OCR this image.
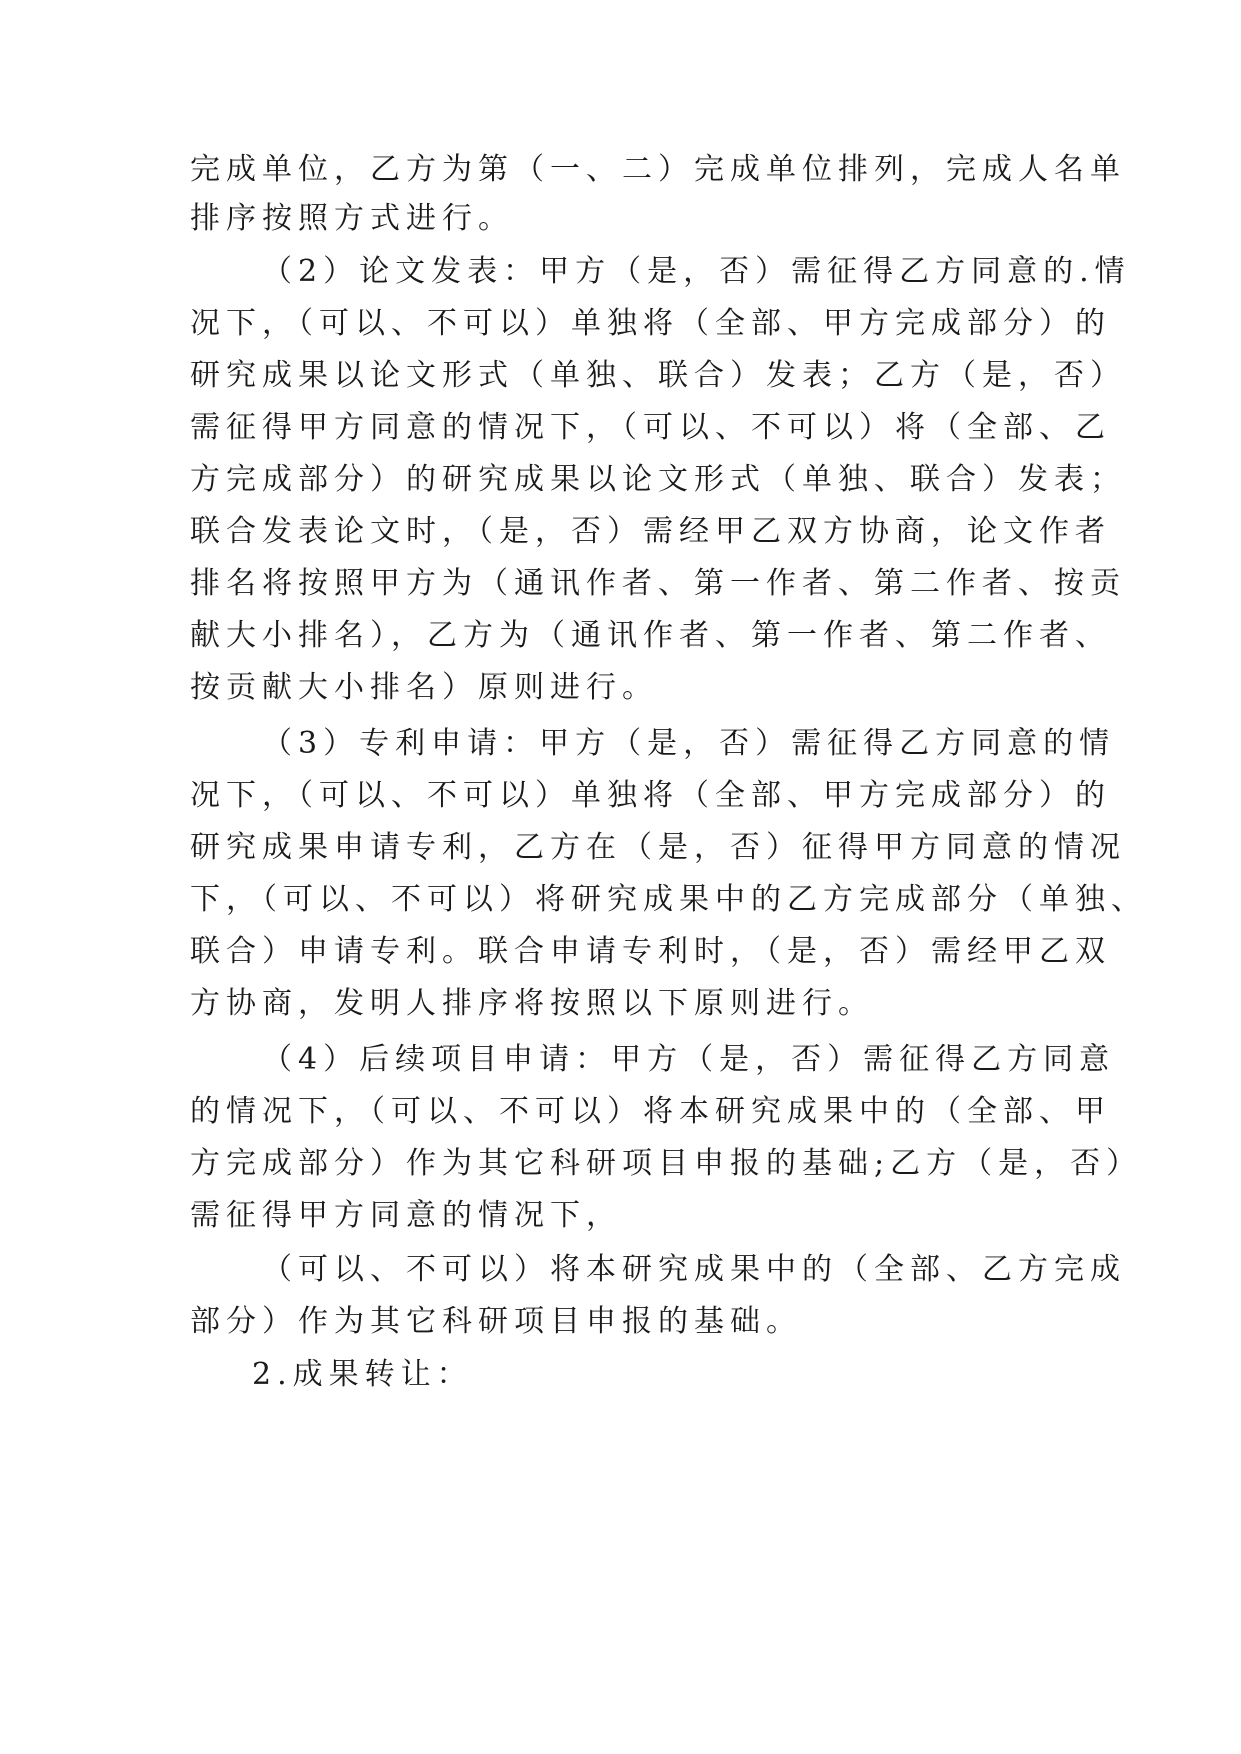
完成单位，乙方为第（一、二）完成单位排列，完成人名单
排序按照方式进行。
（2）论文发表：甲方（是，否）需征得乙方同意的.情
况下，（可以、不可以）单独将（全部、甲方完成部分）的
研究成果以论文形式（单独、联合）发表；乙方（是，否）
需征得甲方同意的情况下，（可以、不可以）将（全部、乙
方完成部分）的研究成果以论文形式（单独、联合）发表；
联合发表论文时，（是，否）需经甲乙双方协商，论文作者
排名将按照甲方为（通讯作者、第一作者、第二作者、按贡
献大小排名），乙方为（通讯作者、第一作者、第二作者、
按贡献大小排名）原则进行。
（3）专利申请：甲方（是，否）需征得乙方同意的情
况下，（可以、不可以）单独将（全部、甲方完成部分）的
研究成果申请专利，乙方在（是，否）征得甲方同意的情况
下，（可以、不可以）将研究成果中的乙方完成部分（单独、
联合）申请专利。联合申请专利时，（是，否）需经甲乙双
方协商，发明人排序将按照以下原则进行。
（4）后续项目申请：甲方（是，否）需征得乙方同意
的情况下，（可以、不可以）将本研究成果中的（全部、甲
方完成部分）作为其它科研项目申报的基础;乙方（是，否）
需征得甲方同意的情况下，
（可以、不可以）将本研究成果中的（全部、乙方完成
部分）作为其它科研项目申报的基础。
2.成果转让：
